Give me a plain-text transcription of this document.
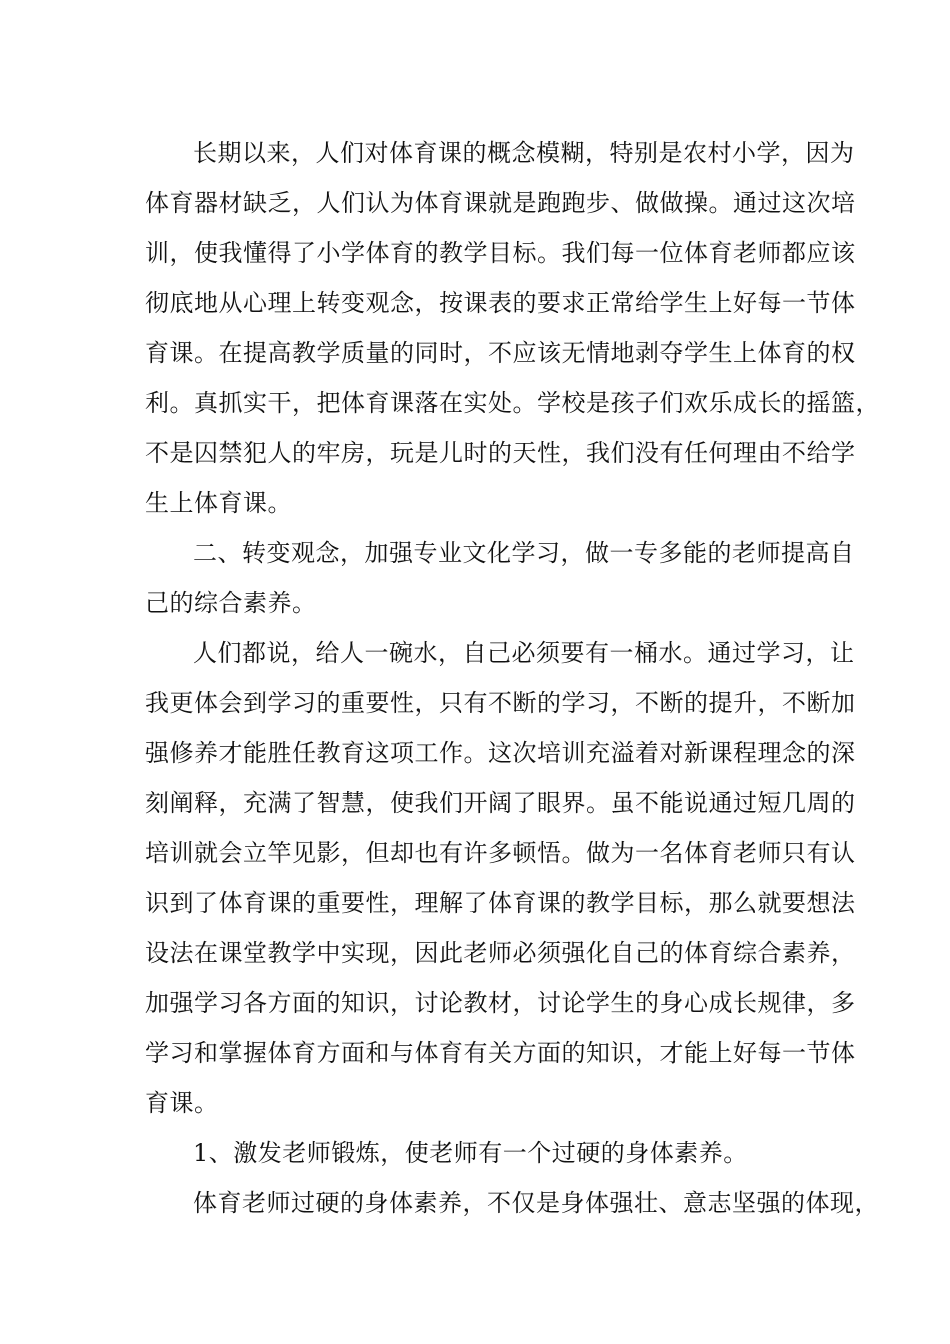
长期以来，人们对体育课的概念模糊，特别是农村小学，因为
体育器材缺乏，人们认为体育课就是跑跑步、做做操。通过这次培
训，使我懂得了小学体育的教学目标。我们每一位体育老师都应该
彻底地从心理上转变观念，按课表的要求正常给学生上好每一节体
育课。在提高教学质量的同时，不应该无情地剥夺学生上体育的权
利。真抓实干，把体育课落在实处。学校是孩子们欢乐成长的摇篮，
不是囚禁犯人的牢房，玩是儿时的天性，我们没有任何理由不给学
生上体育课。
二、转变观念，加强专业文化学习，做一专多能的老师提高自
己的综合素养。
人们都说，给人一碗水，自己必须要有一桶水。通过学习，让
我更体会到学习的重要性，只有不断的学习，不断的提升，不断加
强修养才能胜任教育这项工作。这次培训充溢着对新课程理念的深
刻阐释，充满了智慧，使我们开阔了眼界。虽不能说通过短几周的
培训就会立竿见影，但却也有许多顿悟。做为一名体育老师只有认
识到了体育课的重要性，理解了体育课的教学目标，那么就要想法
设法在课堂教学中实现，因此老师必须强化自己的体育综合素养，
加强学习各方面的知识，讨论教材，讨论学生的身心成长规律，多
学习和掌握体育方面和与体育有关方面的知识，才能上好每一节体
育课。
1、激发老师锻炼，使老师有一个过硬的身体素养。
体育老师过硬的身体素养，不仅是身体强壮、意志坚强的体现，
